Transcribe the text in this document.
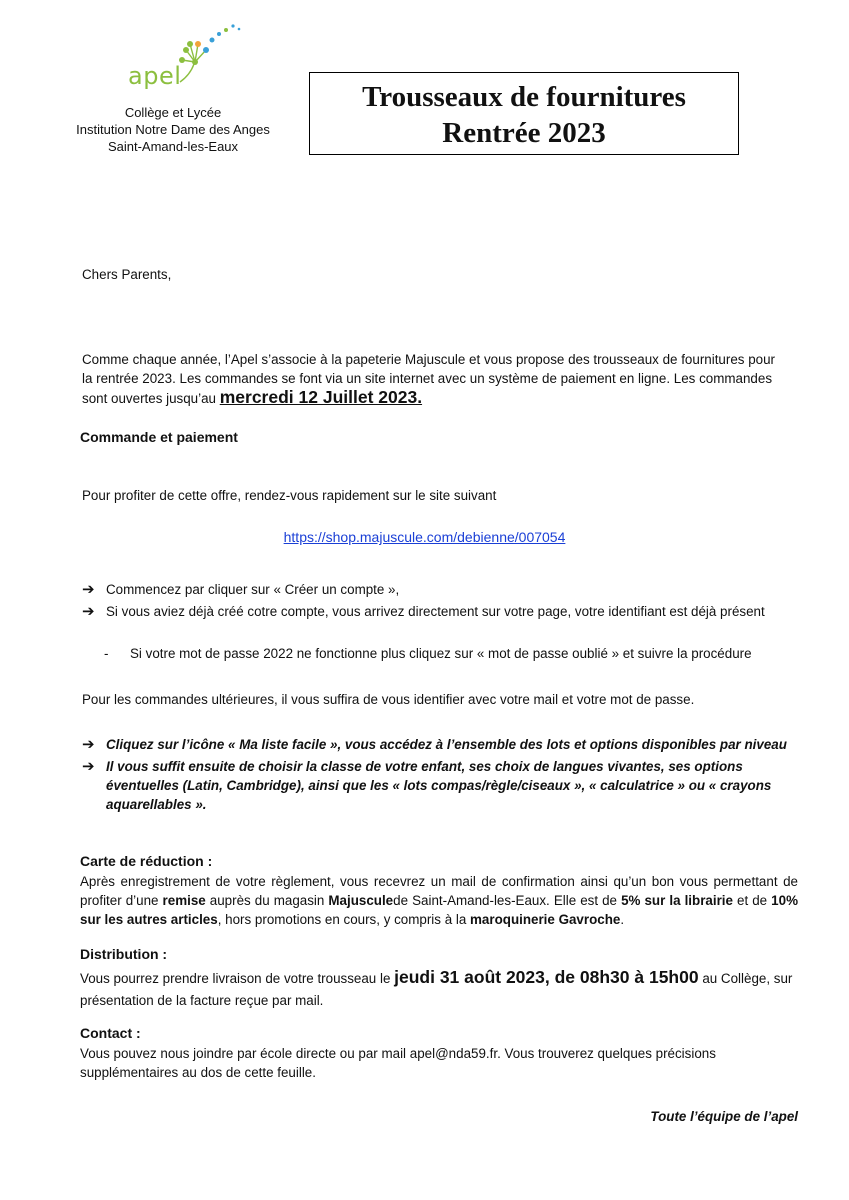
apel
Collège et Lycée
Institution Notre Dame des Anges
Saint-Amand-les-Eaux
Trousseaux de fournitures
Rentrée 2023
Chers Parents,
Comme chaque année, l’Apel s’associe à la papeterie Majuscule et vous propose des trousseaux de fournitures pour la rentrée 2023. Les commandes se font via un site internet avec un système de paiement en ligne. Les commandes sont ouvertes jusqu’au mercredi 12 Juillet 2023.
Commande et paiement
Pour profiter de cette offre, rendez-vous rapidement sur le site suivant
https://shop.majuscule.com/debienne/007054
➔ Commencez par cliquer sur « Créer un compte »,
➔ Si vous aviez déjà créé cotre compte, vous arrivez directement sur votre page, votre identifiant est déjà présent
- Si votre mot de passe 2022 ne fonctionne plus cliquez sur « mot de passe oublié » et suivre la procédure
Pour les commandes ultérieures, il vous suffira de vous identifier avec votre mail et votre mot de passe.
➔ Cliquez sur l’icône « Ma liste facile », vous accédez à l’ensemble des lots et options disponibles par niveau
➔ Il vous suffit ensuite de choisir la classe de votre enfant, ses choix de langues vivantes, ses options éventuelles (Latin, Cambridge), ainsi que les « lots compas/règle/ciseaux », « calculatrice » ou « crayons aquarellables ».
Carte de réduction :
Après enregistrement de votre règlement, vous recevrez un mail de confirmation ainsi qu’un bon vous permettant de profiter d’une remise auprès du magasin Majusculede Saint-Amand-les-Eaux. Elle est de 5% sur la librairie et de 10% sur les autres articles, hors promotions en cours, y compris à la maroquinerie Gavroche.
Distribution :
Vous pourrez prendre livraison de votre trousseau le jeudi 31 août 2023, de 08h30 à 15h00 au Collège, sur présentation de la facture reçue par mail.
Contact :
Vous pouvez nous joindre par école directe ou par mail apel@nda59.fr. Vous trouverez quelques précisions supplémentaires au dos de cette feuille.
Toute l’équipe de l’apel
